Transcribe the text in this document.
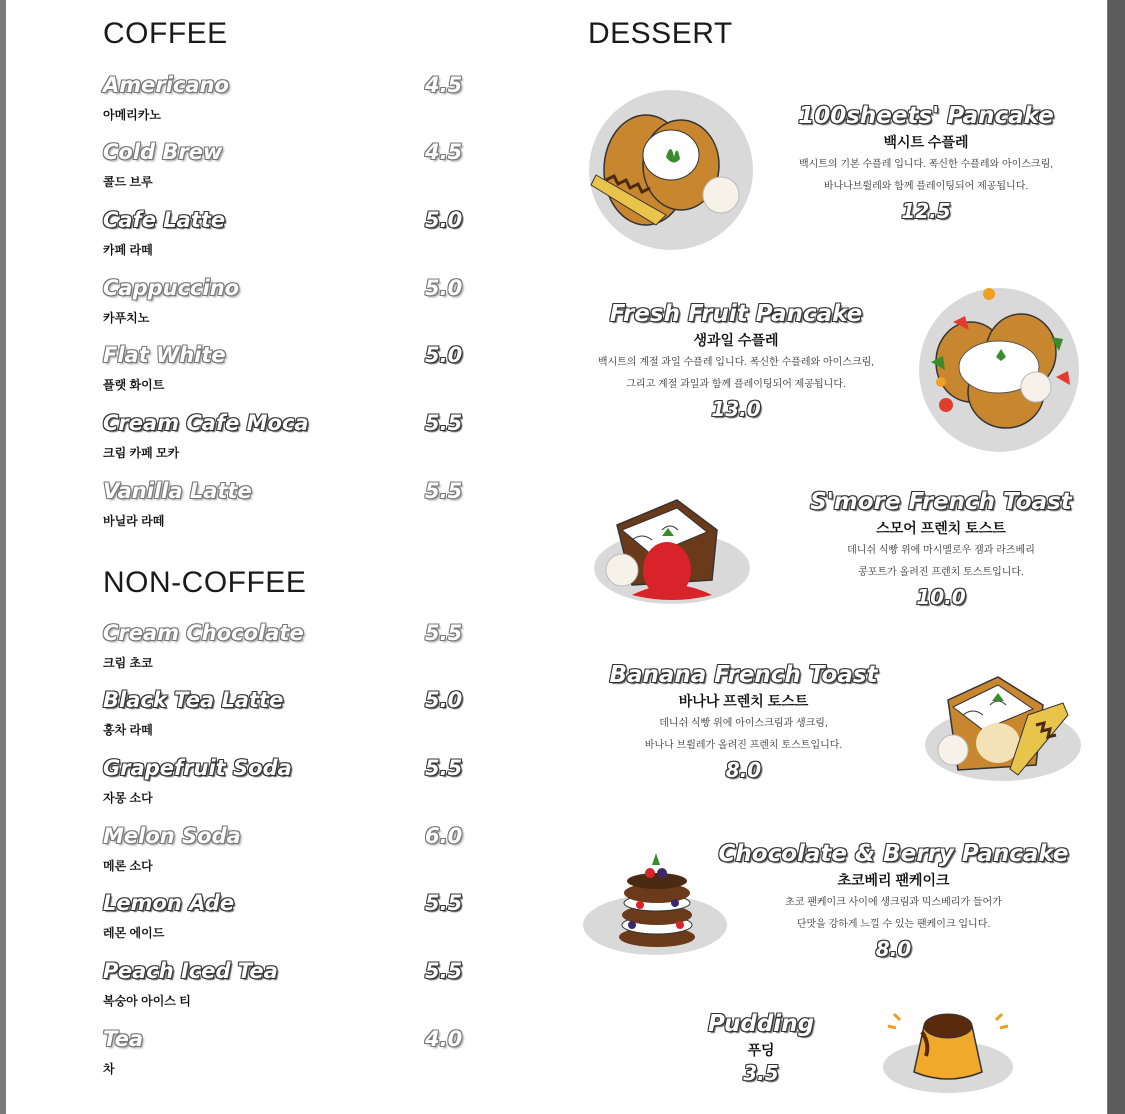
COFFEE
Americano	4.5
아메리카노
Cold Brew	4.5
콜드 브루
Cafe Latte	5.0
카페 라떼
Cappuccino	5.0
카푸치노
Flat White	5.0
플랫 화이트
Cream Cafe Moca	5.5
크림 카페 모카
Vanilla Latte	5.5
바닐라 라떼
NON-COFFEE
Cream Chocolate	5.5
크림 초코
Black Tea Latte	5.0
홍차 라떼
Grapefruit Soda	5.5
자몽 소다
Melon Soda	6.0
메론 소다
Lemon Ade	5.5
레몬 에이드
Peach Iced Tea	5.5
복숭아 아이스 티
Tea	4.0
차
DESSERT
100sheets' Pancake
백시트 수플레
백시트의 기본 수플레 입니다. 폭신한 수플레와 아이스크림,
바나나브륄레와 함께 플레이팅되어 제공됩니다.
12.5
Fresh Fruit Pancake
생과일 수플레
백시트의 계절 과일 수플레 입니다. 폭신한 수플레와 아이스크림,
그리고 계절 과일과 함께 플레이팅되어 제공됩니다.
13.0
S'more French Toast
스모어 프렌치 토스트
데니쉬 식빵 위에 마시멜로우 잼과 라즈베리
콩포트가 올려진 프렌치 토스트입니다.
10.0
Banana French Toast
바나나 프렌치 토스트
데니쉬 식빵 위에 아이스크림과 생크림,
바나나 브륄레가 올려진 프렌치 토스트입니다.
8.0
Chocolate & Berry Pancake
초코베리 팬케이크
초코 팬케이크 사이에 생크림과 믹스베리가 들어가
단맛을 강하게 느낄 수 있는 팬케이크 입니다.
8.0
Pudding
푸딩
3.5
